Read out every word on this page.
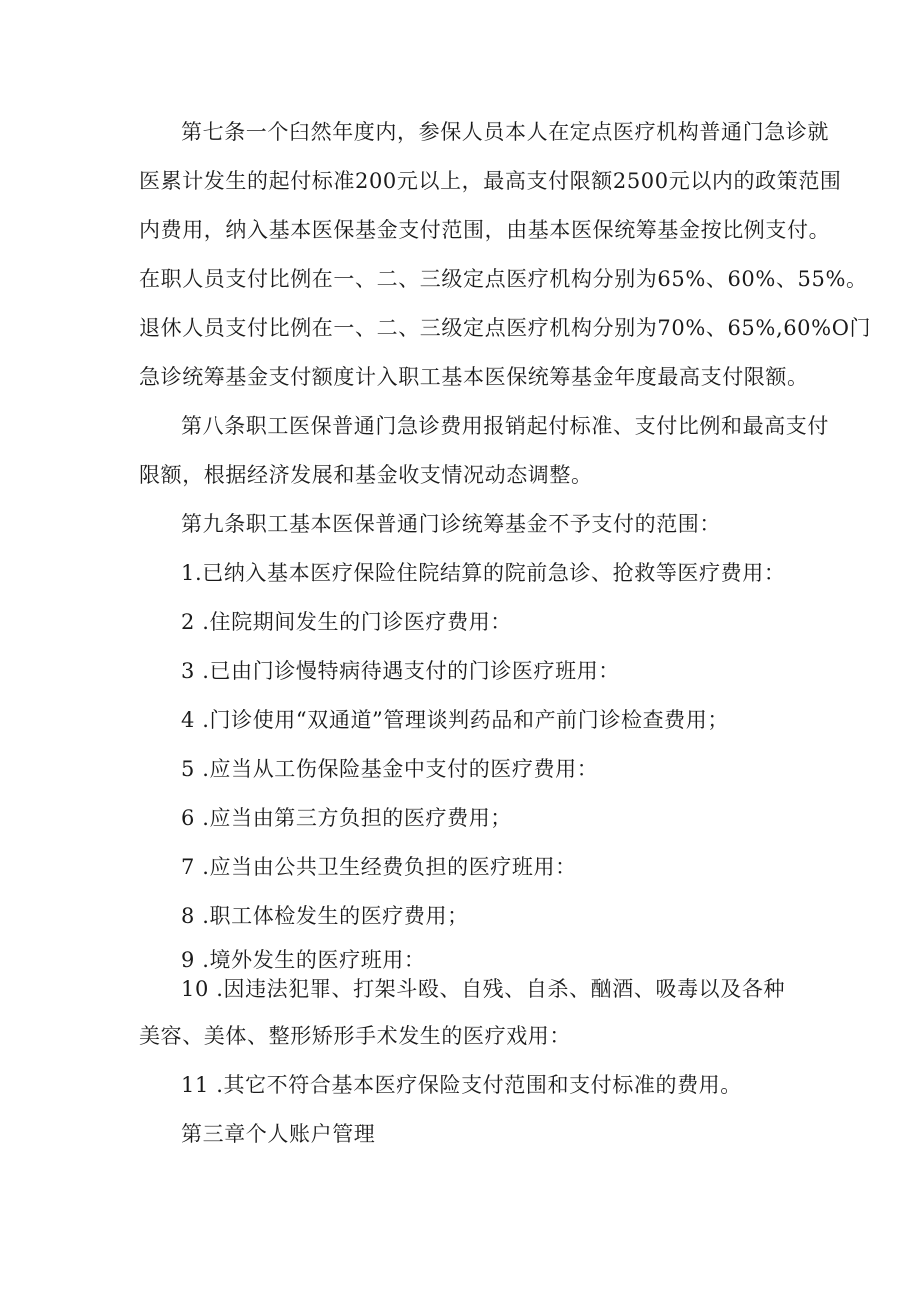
第七条一个臼然年度内，参保人员本人在定点医疗机构普通门急诊就
医累计发生的起付标准200元以上，最高支付限额2500元以内的政策范围
内费用，纳入基本医保基金支付范围，由基本医保统筹基金按比例支付。
在职人员支付比例在一、二、三级定点医疗机构分别为65%、60%、55%。
退休人员支付比例在一、二、三级定点医疗机构分别为70%、65%,60%O门
急诊统筹基金支付额度计入职工基本医保统筹基金年度最高支付限额。
第八条职工医保普通门急诊费用报销起付标准、支付比例和最高支付
限额，根据经济发展和基金收支情况动态调整。
第九条职工基本医保普通门诊统筹基金不予支付的范围：
1.已纳入基本医疗保险住院结算的院前急诊、抢救等医疗费用：
2 .住院期间发生的门诊医疗费用：
3 .已由门诊慢特病待遇支付的门诊医疗班用：
4 .门诊使用“双通道”管理谈判药品和产前门诊检查费用；
5 .应当从工伤保险基金中支付的医疗费用：
6 .应当由第三方负担的医疗费用；
7 .应当由公共卫生经费负担的医疗班用：
8 .职工体检发生的医疗费用；
9 .境外发生的医疗班用：
10 .因违法犯罪、打架斗殴、自残、自杀、酗酒、吸毒以及各种
美容、美体、整形矫形手术发生的医疗戏用：
11 .其它不符合基本医疗保险支付范围和支付标准的费用。
第三章个人账户管理
